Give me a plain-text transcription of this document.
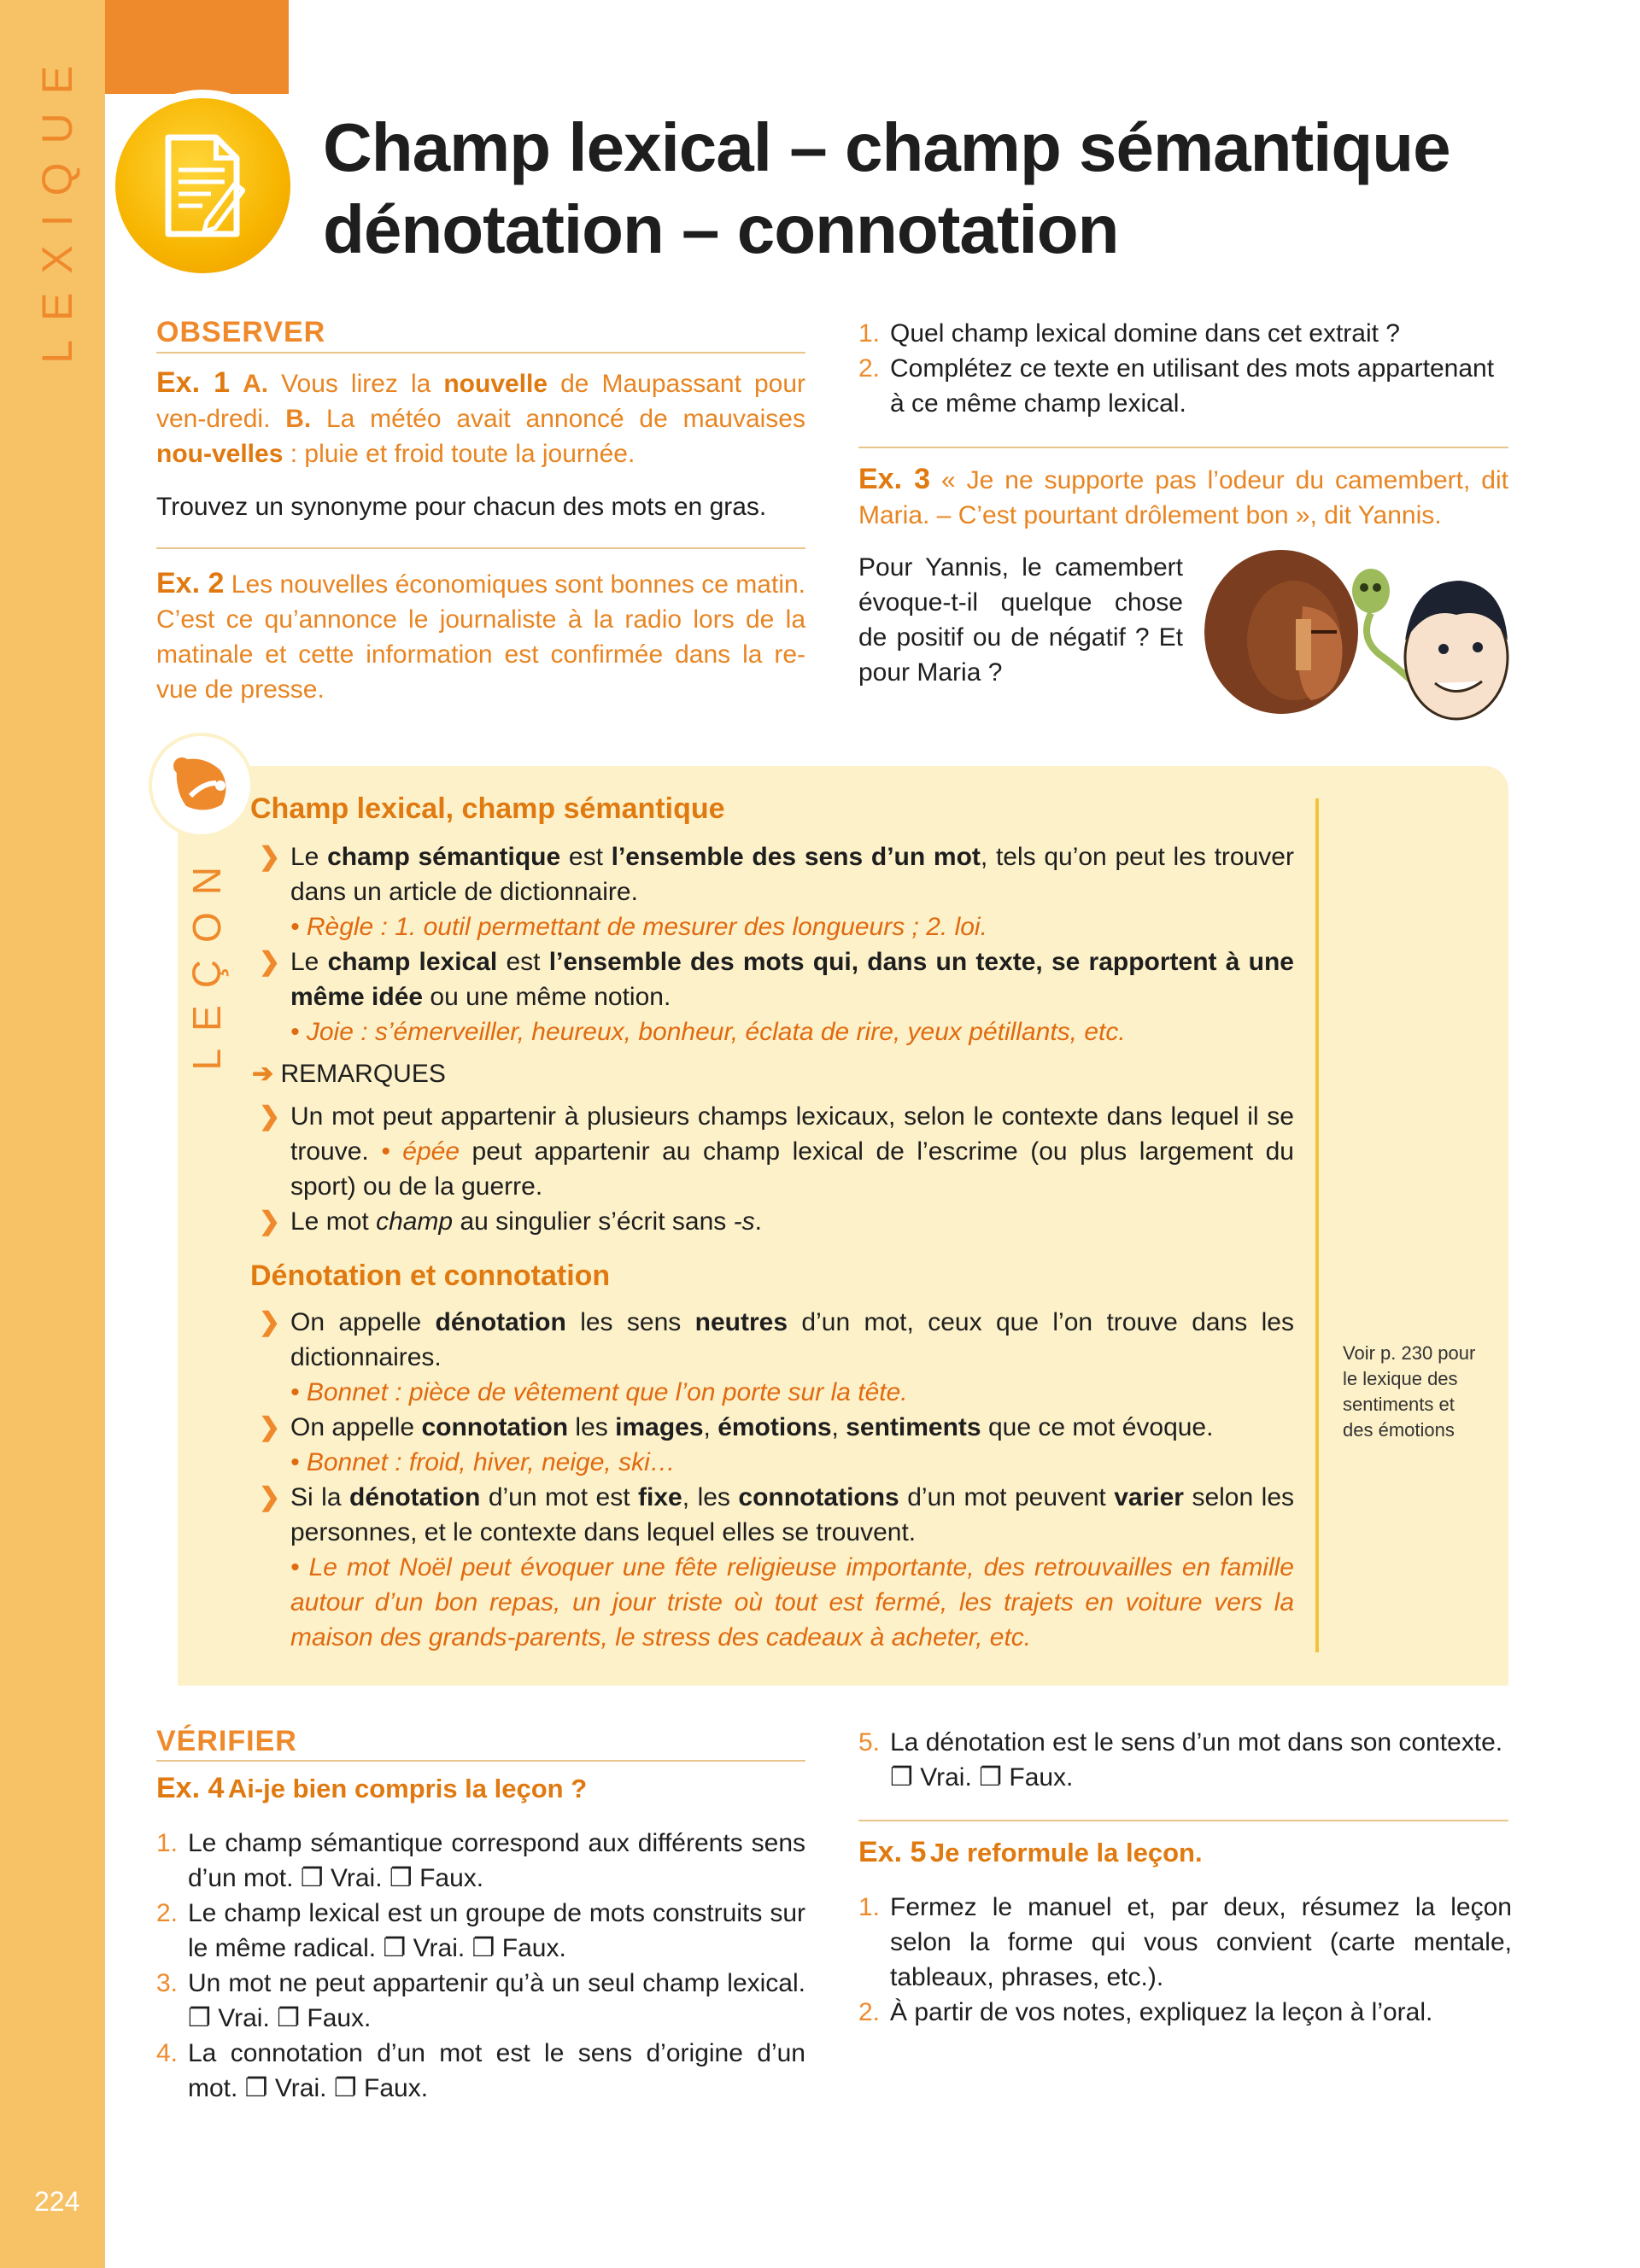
LEXIQUE
224
Champ lexical – champ sémantique
dénotation – connotation
OBSERVER
Ex. 1 A. Vous lirez la nouvelle de Maupassant pour ven-dredi. B. La météo avait annoncé de mauvaises nou-velles : pluie et froid toute la journée.
Trouvez un synonyme pour chacun des mots en gras.
Ex. 2 Les nouvelles économiques sont bonnes ce matin. C’est ce qu’annonce le journaliste à la radio lors de la matinale et cette information est confirmée dans la re-vue de presse.
1. Quel champ lexical domine dans cet extrait ?
2. Complétez ce texte en utilisant des mots appartenant à ce même champ lexical.
Ex. 3 « Je ne supporte pas l’odeur du camembert, dit Maria. – C’est pourtant drôlement bon », dit Yannis.
Pour Yannis, le camembert évoque-t-il quelque chose de positif ou de négatif ? Et pour Maria ?
LEÇON
Champ lexical, champ sémantique
❯ Le champ sémantique est l’ensemble des sens d’un mot, tels qu’on peut les trouver dans un article de dictionnaire.
• Règle : 1. outil permettant de mesurer des longueurs ; 2. loi.
❯ Le champ lexical est l’ensemble des mots qui, dans un texte, se rapportent à une même idée ou une même notion.
• Joie : s’émerveiller, heureux, bonheur, éclata de rire, yeux pétillants, etc.
➔ REMARQUES
❯ Un mot peut appartenir à plusieurs champs lexicaux, selon le contexte dans lequel il se trouve. • épée peut appartenir au champ lexical de l’escrime (ou plus largement du sport) ou de la guerre.
❯ Le mot champ au singulier s’écrit sans -s.
Dénotation et connotation
❯ On appelle dénotation les sens neutres d’un mot, ceux que l’on trouve dans les dictionnaires.
• Bonnet : pièce de vêtement que l’on porte sur la tête.
❯ On appelle connotation les images, émotions, sentiments que ce mot évoque.
• Bonnet : froid, hiver, neige, ski…
❯ Si la dénotation d’un mot est fixe, les connotations d’un mot peuvent varier selon les personnes, et le contexte dans lequel elles se trouvent.
• Le mot Noël peut évoquer une fête religieuse importante, des retrouvailles en famille autour d’un bon repas, un jour triste où tout est fermé, les trajets en voiture vers la maison des grands-parents, le stress des cadeaux à acheter, etc.
Voir p. 230 pour le lexique des sentiments et des émotions
VÉRIFIER
Ex. 4 Ai-je bien compris la leçon ?
1. Le champ sémantique correspond aux différents sens d’un mot. ❐ Vrai. ❐ Faux.
2. Le champ lexical est un groupe de mots construits sur le même radical. ❐ Vrai. ❐ Faux.
3. Un mot ne peut appartenir qu’à un seul champ lexical. ❐ Vrai. ❐ Faux.
4. La connotation d’un mot est le sens d’origine d’un mot. ❐ Vrai. ❐ Faux.
5. La dénotation est le sens d’un mot dans son contexte. ❐ Vrai. ❐ Faux.
Ex. 5 Je reformule la leçon.
1. Fermez le manuel et, par deux, résumez la leçon selon la forme qui vous convient (carte mentale, tableaux, phrases, etc.).
2. À partir de vos notes, expliquez la leçon à l’oral.
